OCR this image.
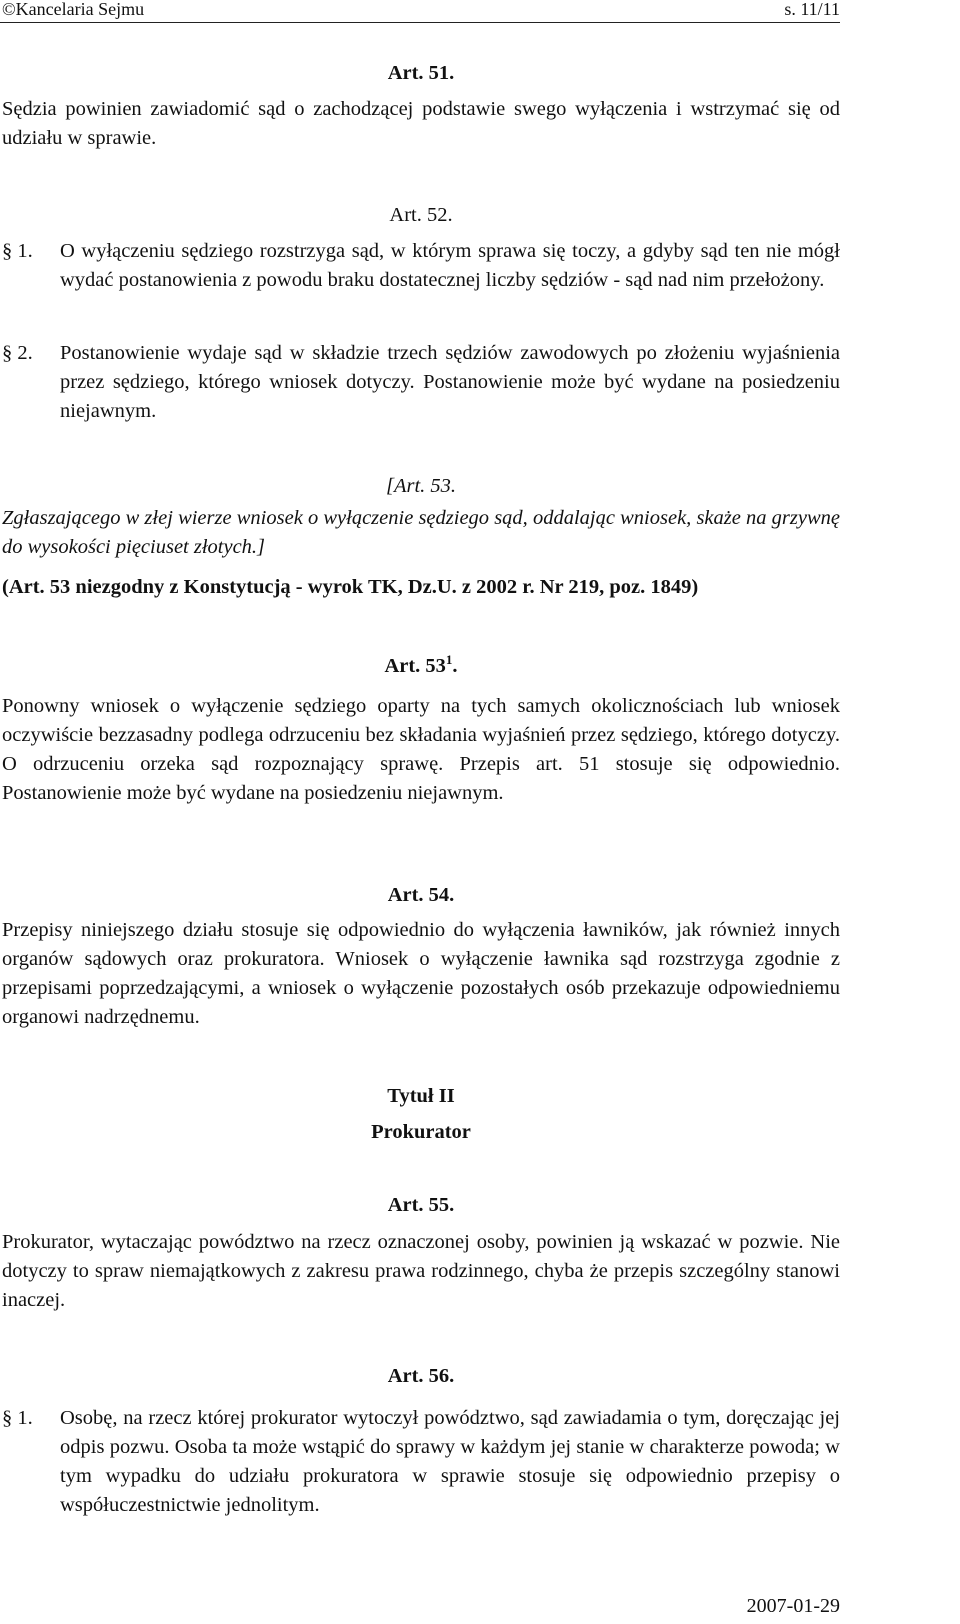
©Kancelaria Sejmu	s. 11/11
Art. 51.
Sędzia powinien zawiadomić sąd o zachodzącej podstawie swego wyłączenia i wstrzymać się od udziału w sprawie.
Art. 52.
§ 1.	O wyłączeniu sędziego rozstrzyga sąd, w którym sprawa się toczy, a gdyby sąd ten nie mógł wydać postanowienia z powodu braku dostatecznej liczby sędziów - sąd nad nim przełożony.
§ 2.	Postanowienie wydaje sąd w składzie trzech sędziów zawodowych po złożeniu wyjaśnienia przez sędziego, którego wniosek dotyczy. Postanowienie może być wydane na posiedzeniu niejawnym.
[Art. 53.
Zgłaszającego w złej wierze wniosek o wyłączenie sędziego sąd, oddalając wniosek, skaże na grzywnę do wysokości pięciuset złotych.]
(Art. 53 niezgodny z Konstytucją - wyrok TK, Dz.U. z 2002 r. Nr 219, poz. 1849)
Art. $53^1$.
Ponowny wniosek o wyłączenie sędziego oparty na tych samych okolicznościach lub wniosek oczywiście bezzasadny podlega odrzuceniu bez składania wyjaśnień przez sędziego, którego dotyczy. O odrzuceniu orzeka sąd rozpoznający sprawę. Przepis art. 51 stosuje się odpowiednio. Postanowienie może być wydane na posiedzeniu niejawnym.
Art. 54.
Przepisy niniejszego działu stosuje się odpowiednio do wyłączenia ławników, jak również innych organów sądowych oraz prokuratora. Wniosek o wyłączenie ławnika sąd rozstrzyga zgodnie z przepisami poprzedzającymi, a wniosek o wyłączenie pozostałych osób przekazuje odpowiedniemu organowi nadrzędnemu.
Tytuł II
Prokurator
Art. 55.
Prokurator, wytaczając powództwo na rzecz oznaczonej osoby, powinien ją wskazać w pozwie. Nie dotyczy to spraw niemajątkowych z zakresu prawa rodzinnego, chyba że przepis szczególny stanowi inaczej.
Art. 56.
§ 1.	Osobę, na rzecz której prokurator wytoczył powództwo, sąd zawiadamia o tym, doręczając jej odpis pozwu. Osoba ta może wstąpić do sprawy w każdym jej stanie w charakterze powoda; w tym wypadku do udziału prokuratora w sprawie stosuje się odpowiednio przepisy o współuczestnictwie jednolitym.
2007-01-29
